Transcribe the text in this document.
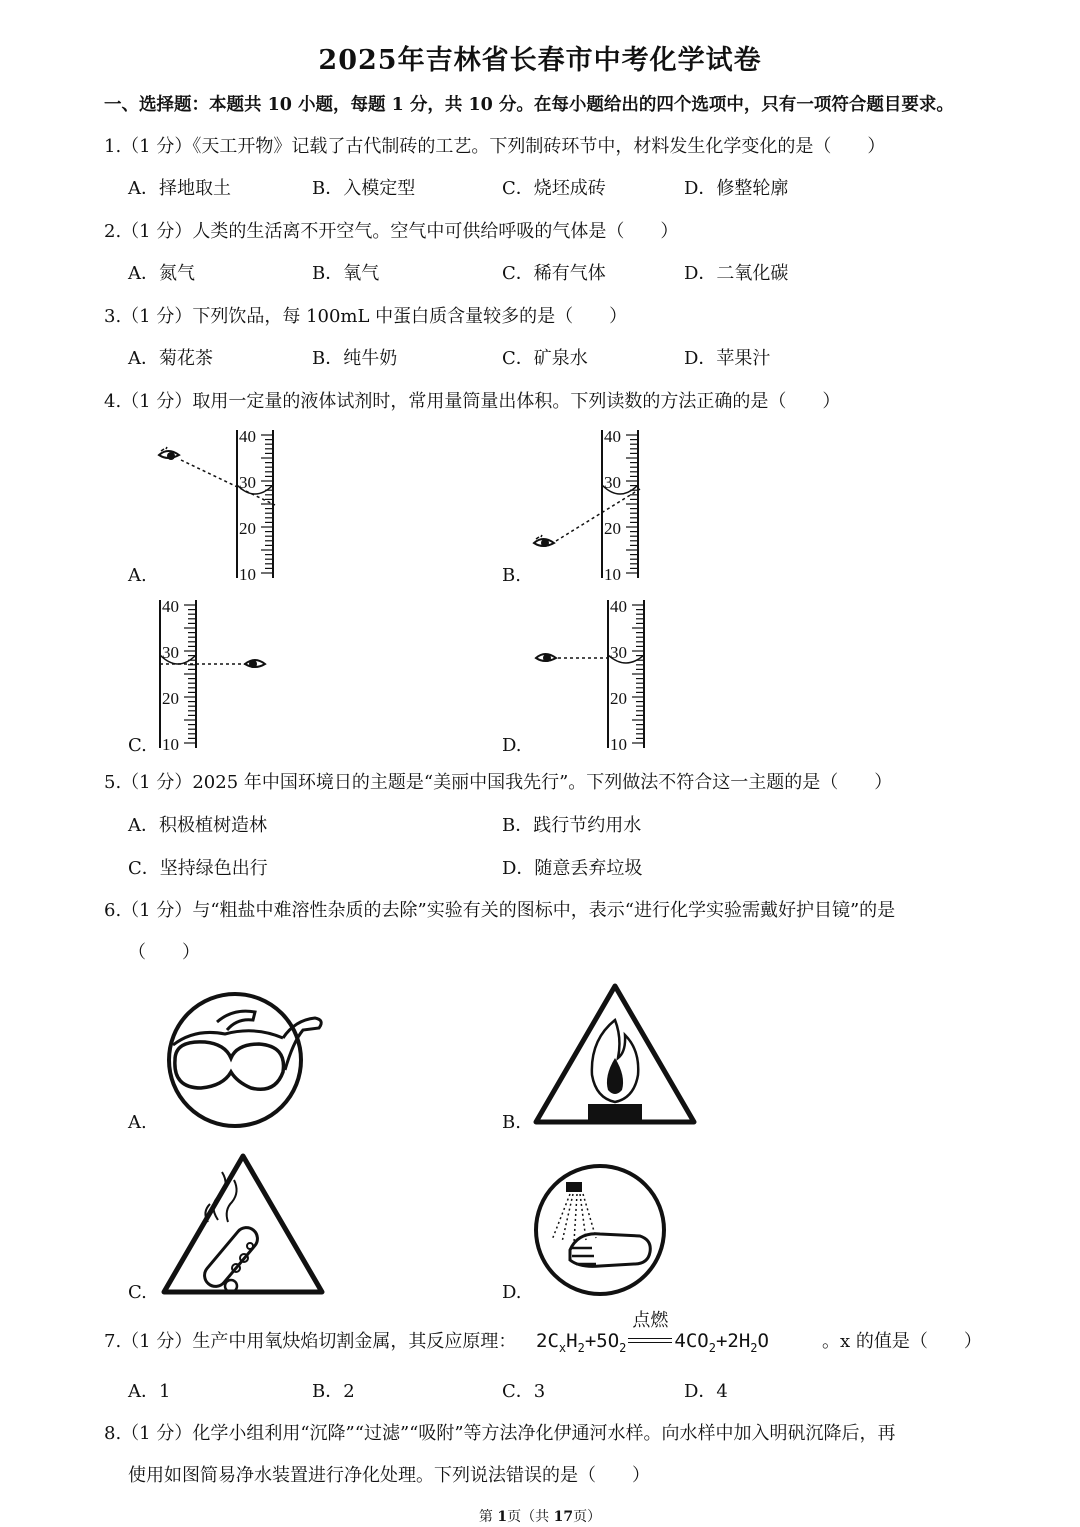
2025年吉林省长春市中考化学试卷
一、选择题：本题共 10 小题，每题 1 分，共 10 分。在每小题给出的四个选项中，只有一项符合题目要求。
1.（1 分）《天工开物》记载了古代制砖的工艺。下列制砖环节中，材料发生化学变化的是（　　）
A．择地取土	B．入模定型	C．烧坯成砖	D．修整轮廓
2.（1 分）人类的生活离不开空气。空气中可供给呼吸的气体是（　　）
A．氮气	B．氧气	C．稀有气体	D．二氧化碳
3.（1 分）下列饮品，每 100mL 中蛋白质含量较多的是（　　）
A．菊花茶	B．纯牛奶	C．矿泉水	D．苹果汁
4.（1 分）取用一定量的液体试剂时，常用量筒量出体积。下列读数的方法正确的是（　　）
A.
40
30
20
10	B.
40
30
20
10
C.
40
30
20
10	D.
40
30
20
10
5.（1 分）2025 年中国环境日的主题是“美丽中国我先行”。下列做法不符合这一主题的是（　　）
A．积极植树造林	B．践行节约用水
C．坚持绿色出行	D．随意丢弃垃圾
6.（1 分）与“粗盐中难溶性杂质的去除”实验有关的图标中，表示“进行化学实验需戴好护目镜”的是
（　　）
A.	B.
C.	D.
7.（1 分）生产中用氧炔焰切割金属，其反应原理： $2C_xH_2+5O_2$
点燃
$4CO_2+2H_2O$	。x 的值是（　　）
A．1	B．2	C．3	D．4
8.（1 分）化学小组利用“沉降”“过滤”“吸附”等方法净化伊通河水样。向水样中加入明矾沉降后，再
使用如图简易净水装置进行净化处理。下列说法错误的是（　　）
第 1页（共 17页）
